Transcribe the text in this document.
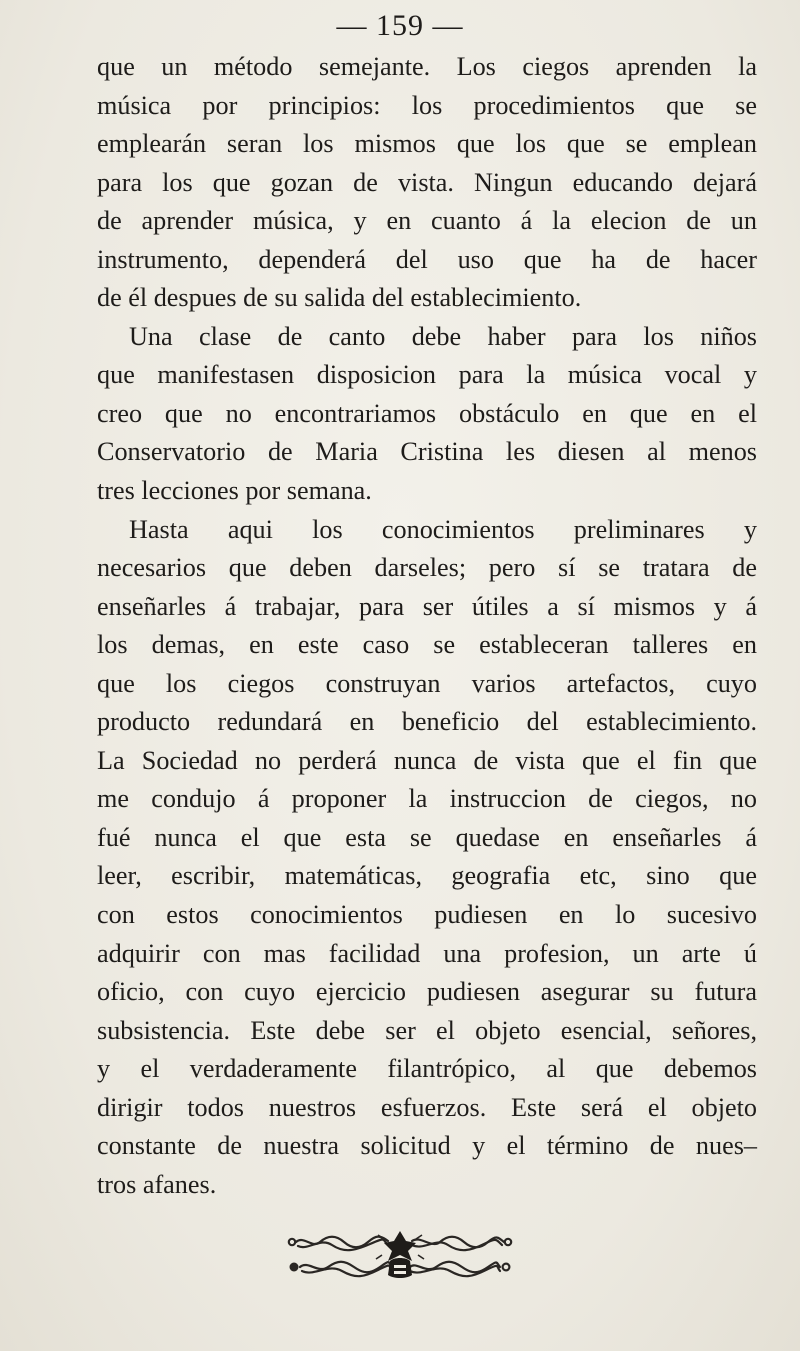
— 159 —
que un método semejante. Los ciegos aprenden la
música por principios: los procedimientos que se
emplearán seran los mismos que los que se emplean
para los que gozan de vista. Ningun educando dejará
de aprender música, y en cuanto á la elecion de un
instrumento, dependerá del uso que ha de hacer
de él despues de su salida del establecimiento.
Una clase de canto debe haber para los niños
que manifestasen disposicion para la música vocal y
creo que no encontrariamos obstáculo en que en el
Conservatorio de Maria Cristina les diesen al menos
tres lecciones por semana.
Hasta aqui los conocimientos preliminares y
necesarios que deben darseles; pero sí se tratara de
enseñarles á trabajar, para ser útiles a sí mismos y á
los demas, en este caso se estableceran talleres en
que los ciegos construyan varios artefactos, cuyo
producto redundará en beneficio del establecimiento.
La Sociedad no perderá nunca de vista que el fin que
me condujo á proponer la instruccion de ciegos, no
fué nunca el que esta se quedase en enseñarles á
leer, escribir, matemáticas, geografia etc, sino que
con estos conocimientos pudiesen en lo sucesivo
adquirir con mas facilidad una profesion, un arte ú
oficio, con cuyo ejercicio pudiesen asegurar su futura
subsistencia. Este debe ser el objeto esencial, señores,
y el verdaderamente filantrópico, al que debemos
dirigir todos nuestros esfuerzos. Este será el objeto
constante de nuestra solicitud y el término de nues–
tros afanes.
